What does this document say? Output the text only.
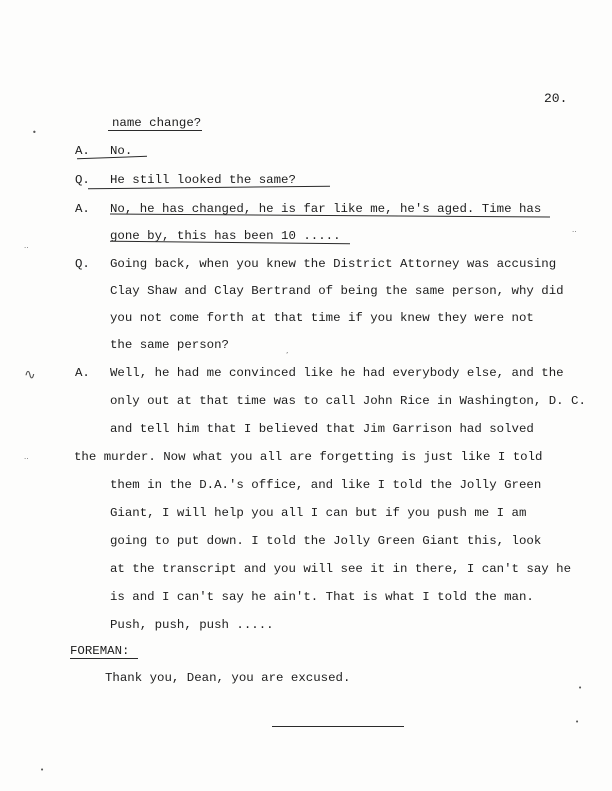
20.
name change?
A. No.
Q. He still looked the same?
A. No, he has changed, he is far like me, he's aged. Time has
gone by, this has been 10 .....
Q. Going back, when you knew the District Attorney was accusing
Clay Shaw and Clay Bertrand of being the same person, why did
you not come forth at that time if you knew they were not
the same person?
A. Well, he had me convinced like he had everybody else, and the
only out at that time was to call John Rice in Washington, D. C.
and tell him that I believed that Jim Garrison had solved
the murder. Now what you all are forgetting is just like I told
them in the D.A.'s office, and like I told the Jolly Green
Giant, I will help you all I can but if you push me I am
going to put down. I told the Jolly Green Giant this, look
at the transcript and you will see it in there, I can't say he
is and I can't say he ain't. That is what I told the man.
Push, push, push .....
FOREMAN:
Thank you, Dean, you are excused.
∿
•
··
··
··
•
•
•
’
